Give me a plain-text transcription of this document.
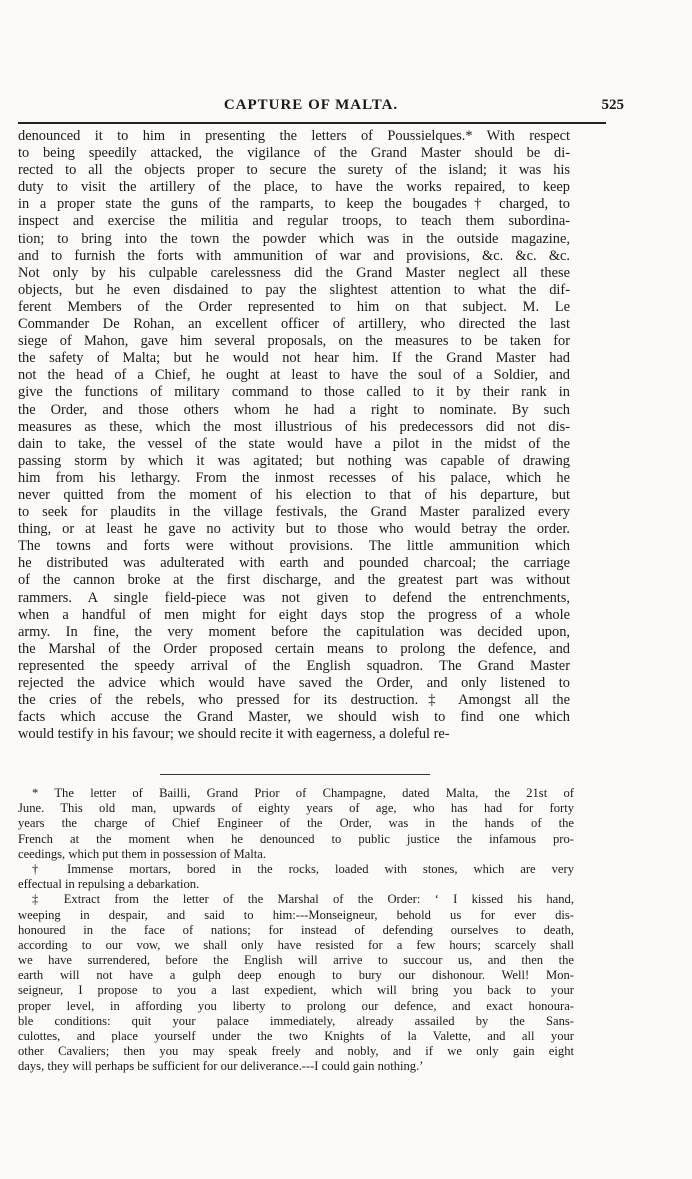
CAPTURE OF MALTA.	525
denounced it to him in presenting the letters of Poussielques.* With respect
to being speedily attacked, the vigilance of the Grand Master should be di-
rected to all the objects proper to secure the surety of the island; it was his
duty to visit the artillery of the place, to have the works repaired, to keep
in a proper state the guns of the ramparts, to keep the bougades† charged, to
inspect and exercise the militia and regular troops, to teach them subordina-
tion; to bring into the town the powder which was in the outside magazine,
and to furnish the forts with ammunition of war and provisions, &c. &c. &c.
Not only by his culpable carelessness did the Grand Master neglect all these
objects, but he even disdained to pay the slightest attention to what the dif-
ferent Members of the Order represented to him on that subject. M. Le
Commander De Rohan, an excellent officer of artillery, who directed the last
siege of Mahon, gave him several proposals, on the measures to be taken for
the safety of Malta; but he would not hear him. If the Grand Master had
not the head of a Chief, he ought at least to have the soul of a Soldier, and
give the functions of military command to those called to it by their rank in
the Order, and those others whom he had a right to nominate. By such
measures as these, which the most illustrious of his predecessors did not dis-
dain to take, the vessel of the state would have a pilot in the midst of the
passing storm by which it was agitated; but nothing was capable of drawing
him from his lethargy. From the inmost recesses of his palace, which he
never quitted from the moment of his election to that of his departure, but
to seek for plaudits in the village festivals, the Grand Master paralized every
thing, or at least he gave no activity but to those who would betray the order.
The towns and forts were without provisions. The little ammunition which
he distributed was adulterated with earth and pounded charcoal; the carriage
of the cannon broke at the first discharge, and the greatest part was without
rammers. A single field-piece was not given to defend the entrenchments,
when a handful of men might for eight days stop the progress of a whole
army. In fine, the very moment before the capitulation was decided upon,
the Marshal of the Order proposed certain means to prolong the defence, and
represented the speedy arrival of the English squadron. The Grand Master
rejected the advice which would have saved the Order, and only listened to
the cries of the rebels, who pressed for its destruction.‡ Amongst all the
facts which accuse the Grand Master, we should wish to find one which
would testify in his favour; we should recite it with eagerness, a doleful re-
* The letter of Bailli, Grand Prior of Champagne, dated Malta, the 21st of
June. This old man, upwards of eighty years of age, who has had for forty
years the charge of Chief Engineer of the Order, was in the hands of the
French at the moment when he denounced to public justice the infamous pro-
ceedings, which put them in possession of Malta.
† Immense mortars, bored in the rocks, loaded with stones, which are very
effectual in repulsing a debarkation.
‡ Extract from the letter of the Marshal of the Order: ‘ I kissed his hand,
weeping in despair, and said to him:---Monseigneur, behold us for ever dis-
honoured in the face of nations; for instead of defending ourselves to death,
according to our vow, we shall only have resisted for a few hours; scarcely shall
we have surrendered, before the English will arrive to succour us, and then the
earth will not have a gulph deep enough to bury our dishonour. Well! Mon-
seigneur, I propose to you a last expedient, which will bring you back to your
proper level, in affording you liberty to prolong our defence, and exact honoura-
ble conditions: quit your palace immediately, already assailed by the Sans-
culottes, and place yourself under the two Knights of la Valette, and all your
other Cavaliers; then you may speak freely and nobly, and if we only gain eight
days, they will perhaps be sufficient for our deliverance.---I could gain nothing.’
